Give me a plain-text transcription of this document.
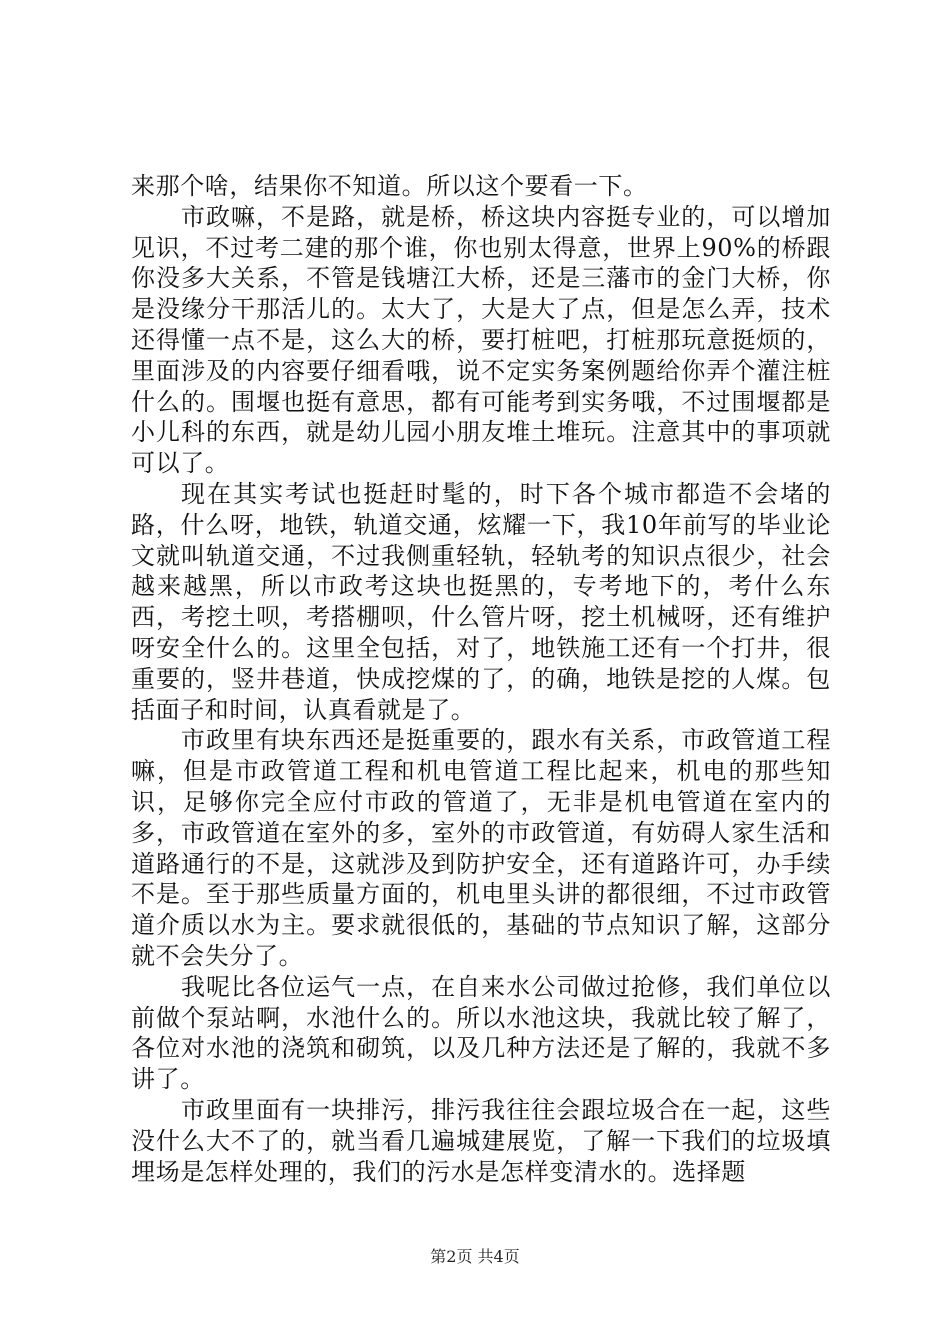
来那个啥，结果你不知道。所以这个要看一下。

市政嘛，不是路，就是桥，桥这块内容挺专业的，可以增加见识，不过考二建的那个谁，你也别太得意，世界上90%的桥跟你没多大关系，不管是钱塘江大桥，还是三藩市的金门大桥，你是没缘分干那活儿的。太大了，大是大了点，但是怎么弄，技术还得懂一点不是，这么大的桥，要打桩吧，打桩那玩意挺烦的，里面涉及的内容要仔细看哦，说不定实务案例题给你弄个灌注桩什么的。围堰也挺有意思，都有可能考到实务哦，不过围堰都是小儿科的东西，就是幼儿园小朋友堆土堆玩。注意其中的事项就可以了。

现在其实考试也挺赶时髦的，时下各个城市都造不会堵的路，什么呀，地铁，轨道交通，炫耀一下，我10年前写的毕业论文就叫轨道交通，不过我侧重轻轨，轻轨考的知识点很少，社会越来越黑，所以市政考这块也挺黑的，专考地下的，考什么东西，考挖土呗，考搭棚呗，什么管片呀，挖土机械呀，还有维护呀安全什么的。这里全包括，对了，地铁施工还有一个打井，很重要的，竖井巷道，快成挖煤的了，的确，地铁是挖的人煤。包括面子和时间，认真看就是了。

市政里有块东西还是挺重要的，跟水有关系，市政管道工程嘛，但是市政管道工程和机电管道工程比起来，机电的那些知识，足够你完全应付市政的管道了，无非是机电管道在室内的多，市政管道在室外的多，室外的市政管道，有妨碍人家生活和道路通行的不是，这就涉及到防护安全，还有道路许可，办手续不是。至于那些质量方面的，机电里头讲的都很细，不过市政管道介质以水为主。要求就很低的，基础的节点知识了解，这部分就不会失分了。

我呢比各位运气一点，在自来水公司做过抢修，我们单位以前做个泵站啊，水池什么的。所以水池这块，我就比较了解了，各位对水池的浇筑和砌筑，以及几种方法还是了解的，我就不多讲了。

市政里面有一块排污，排污我往往会跟垃圾合在一起，这些没什么大不了的，就当看几遍城建展览，了解一下我们的垃圾填埋场是怎样处理的，我们的污水是怎样变清水的。选择题

第2页 共4页
